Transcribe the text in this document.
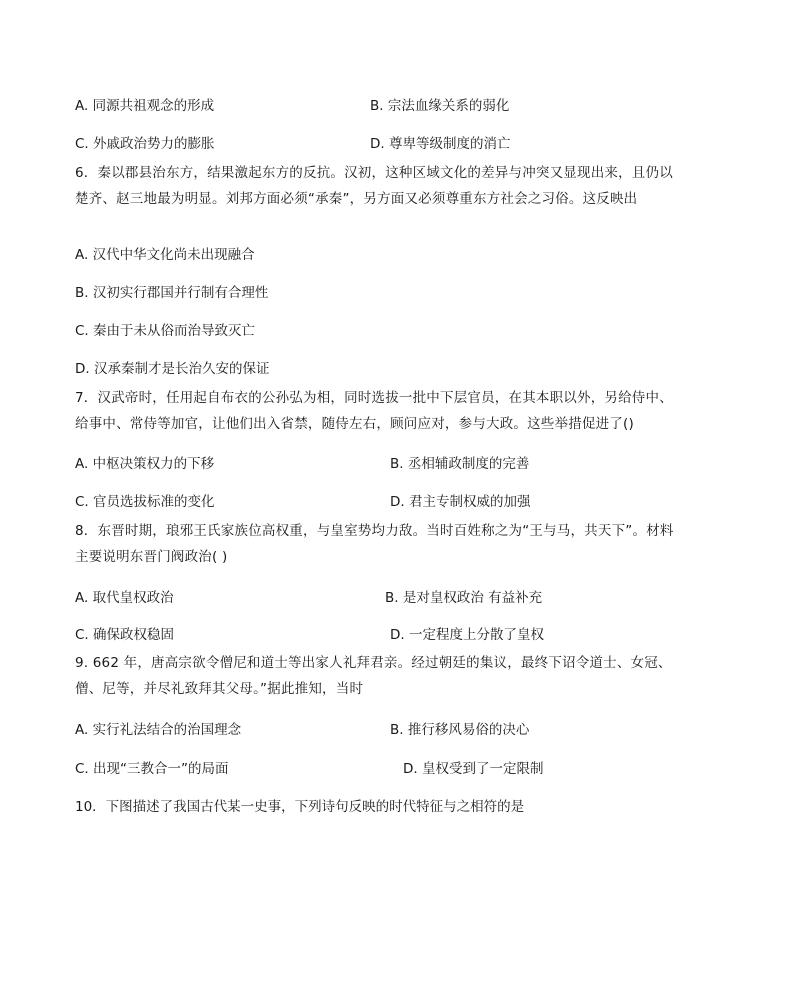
A. 同源共祖观念的形成	B. 宗法血缘关系的弱化
C. 外戚政治势力的膨胀	D. 尊卑等级制度的消亡
6．秦以郡县治东方，结果激起东方的反抗。汉初，这种区域文化的差异与冲突又显现出来，且仍以楚齐、赵三地最为明显。刘邦方面必须“承秦”，另方面又必须尊重东方社会之习俗。这反映出
A. 汉代中华文化尚未出现融合
B. 汉初实行郡国并行制有合理性
C. 秦由于未从俗而治导致灭亡
D. 汉承秦制才是长治久安的保证
7．汉武帝时，任用起自布衣的公孙弘为相，同时选拔一批中下层官员，在其本职以外，另给侍中、给事中、常侍等加官，让他们出入省禁，随侍左右，顾问应对，参与大政。这些举措促进了()
A. 中枢决策权力的下移	B. 丞相辅政制度的完善
C. 官员选拔标准的变化	D. 君主专制权威的加强
8．东晋时期，琅邪王氏家族位高权重，与皇室势均力敌。当时百姓称之为“王与马，共天下”。材料主要说明东晋门阀政治( )
A. 取代皇权政治	B. 是对皇权政治 有益补充
C. 确保政权稳固	D. 一定程度上分散了皇权
9. 662 年，唐高宗欲令僧尼和道士等出家人礼拜君亲。经过朝廷的集议，最终下诏令道士、女冠、僧、尼等，并尽礼致拜其父母。”据此推知，当时
A. 实行礼法结合的治国理念	B. 推行移风易俗的决心
C. 出现“三教合一”的局面	D. 皇权受到了一定限制
10．下图描述了我国古代某一史事，下列诗句反映的时代特征与之相符的是
